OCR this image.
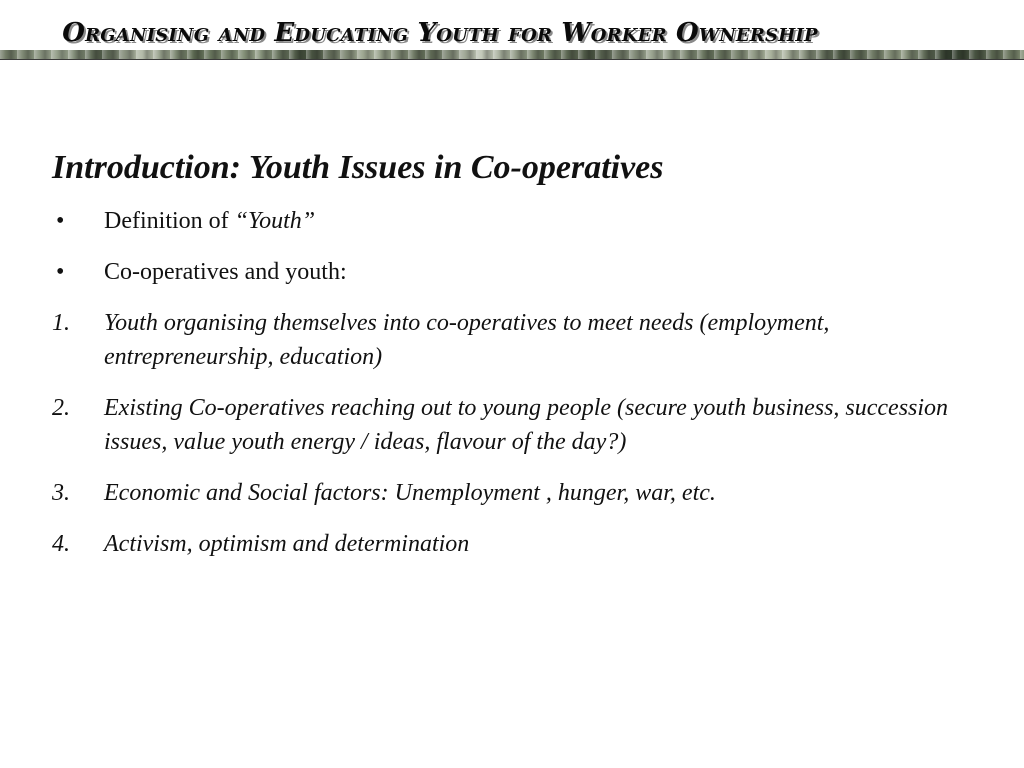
Organising and Educating Youth for Worker Ownership
Introduction: Youth Issues in Co-operatives
•	Definition of “Youth”
•	Co-operatives and youth:
1.	Youth organising themselves into co-operatives to meet needs (employment, entrepreneurship, education)
2.	Existing Co-operatives reaching out to young people (secure youth business, succession issues, value youth energy / ideas, flavour of the day?)
3.	Economic and Social factors: Unemployment , hunger, war, etc.
4.	Activism, optimism and determination
